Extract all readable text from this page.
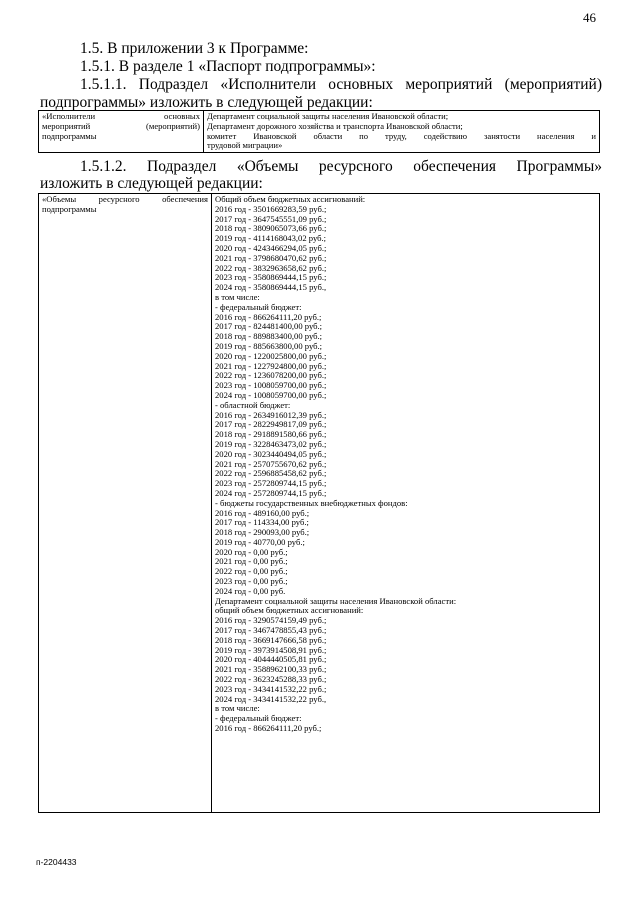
46
1.5. В приложении 3 к Программе:
1.5.1. В разделе 1 «Паспорт подпрограммы»:
1.5.1.1. Подраздел «Исполнители основных мероприятий (мероприятий)
подпрограммы» изложить в следующей редакции:
«Исполнители основных
мероприятий (мероприятий)
подпрограммы

Департамент социальной защиты населения Ивановской области;
Департамент дорожного хозяйства и транспорта Ивановской области;
комитет Ивановской области по труду, содействию занятости населения и
трудовой миграции»
1.5.1.2. Подраздел «Объемы ресурсного обеспечения Программы»
изложить в следующей редакции:
«Объемы ресурсного обеспечения
подпрограммы

Общий объем бюджетных ассигнований:
2016 год - 3501669283,59 руб.;
2017 год - 3647545551,09 руб.;
2018 год - 3809065073,66 руб.;
2019 год - 4114168043,02 руб.;
2020 год - 4243466294,05 руб.;
2021 год - 3798680470,62 руб.;
2022 год - 3832963658,62 руб.;
2023 год - 3580869444,15 руб.;
2024 год - 3580869444,15 руб.,
в том числе:
- федеральный бюджет:
2016 год - 866264111,20 руб.;
2017 год - 824481400,00 руб.;
2018 год - 889883400,00 руб.;
2019 год - 885663800,00 руб.;
2020 год - 1220025800,00 руб.;
2021 год - 1227924800,00 руб.;
2022 год - 1236078200,00 руб.;
2023 год - 1008059700,00 руб.;
2024 год - 1008059700,00 руб.;
- областной бюджет:
2016 год - 2634916012,39 руб.;
2017 год - 2822949817,09 руб.;
2018 год - 2918891580,66 руб.;
2019 год - 3228463473,02 руб.;
2020 год - 3023440494,05 руб.;
2021 год - 2570755670,62 руб.;
2022 год - 2596885458,62 руб.;
2023 год - 2572809744,15 руб.;
2024 год - 2572809744,15 руб.;
- бюджеты государственных внебюджетных фондов:
2016 год - 489160,00 руб.;
2017 год - 114334,00 руб.;
2018 год - 290093,00 руб.;
2019 год - 40770,00 руб.;
2020 год - 0,00 руб.;
2021 год - 0,00 руб.;
2022 год - 0,00 руб.;
2023 год - 0,00 руб.;
2024 год - 0,00 руб.
Департамент социальной защиты населения Ивановской области:
общий объем бюджетных ассигнований:
2016 год - 3290574159,49 руб.;
2017 год - 3467478855,43 руб.;
2018 год - 3669147666,58 руб.;
2019 год - 3973914508,91 руб.;
2020 год - 4044440505,81 руб.;
2021 год - 3588962100,33 руб.;
2022 год - 3623245288,33 руб.;
2023 год - 3434141532,22 руб.;
2024 год - 3434141532,22 руб.,
в том числе:
- федеральный бюджет:
2016 год - 866264111,20 руб.;
п-2204433
